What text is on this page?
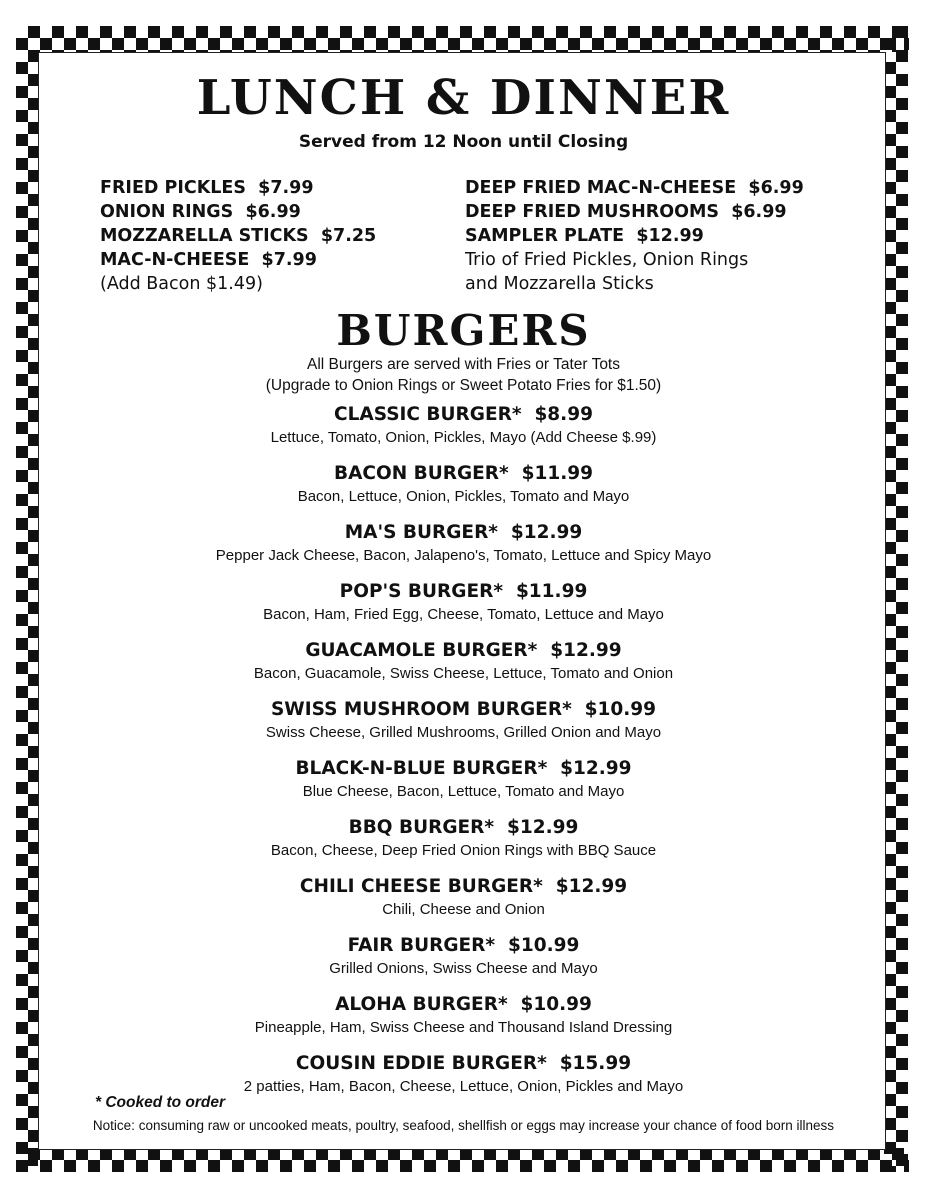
LUNCH & DINNER
Served from 12 Noon until Closing
FRIED PICKLES $7.99
ONION RINGS $6.99
MOZZARELLA STICKS $7.25
MAC-N-CHEESE $7.99
(Add Bacon $1.49)
DEEP FRIED MAC-N-CHEESE $6.99
DEEP FRIED MUSHROOMS $6.99
SAMPLER PLATE $12.99
Trio of Fried Pickles, Onion Rings
and Mozzarella Sticks
BURGERS
All Burgers are served with Fries or Tater Tots
(Upgrade to Onion Rings or Sweet Potato Fries for $1.50)
CLASSIC BURGER* $8.99
Lettuce, Tomato, Onion, Pickles, Mayo (Add Cheese $.99)
BACON BURGER* $11.99
Bacon, Lettuce, Onion, Pickles, Tomato and Mayo
MA'S BURGER* $12.99
Pepper Jack Cheese, Bacon, Jalapeno's, Tomato, Lettuce and Spicy Mayo
POP'S BURGER* $11.99
Bacon, Ham, Fried Egg, Cheese, Tomato, Lettuce and Mayo
GUACAMOLE BURGER* $12.99
Bacon, Guacamole, Swiss Cheese, Lettuce, Tomato and Onion
SWISS MUSHROOM BURGER* $10.99
Swiss Cheese, Grilled Mushrooms, Grilled Onion and Mayo
BLACK-N-BLUE BURGER* $12.99
Blue Cheese, Bacon, Lettuce, Tomato and Mayo
BBQ BURGER* $12.99
Bacon, Cheese, Deep Fried Onion Rings with BBQ Sauce
CHILI CHEESE BURGER* $12.99
Chili, Cheese and Onion
FAIR BURGER* $10.99
Grilled Onions, Swiss Cheese and Mayo
ALOHA BURGER* $10.99
Pineapple, Ham, Swiss Cheese and Thousand Island Dressing
COUSIN EDDIE BURGER* $15.99
2 patties, Ham, Bacon, Cheese, Lettuce, Onion, Pickles and Mayo
* Cooked to order
Notice: consuming raw or uncooked meats, poultry, seafood, shellfish or eggs may increase your chance of food born illness
